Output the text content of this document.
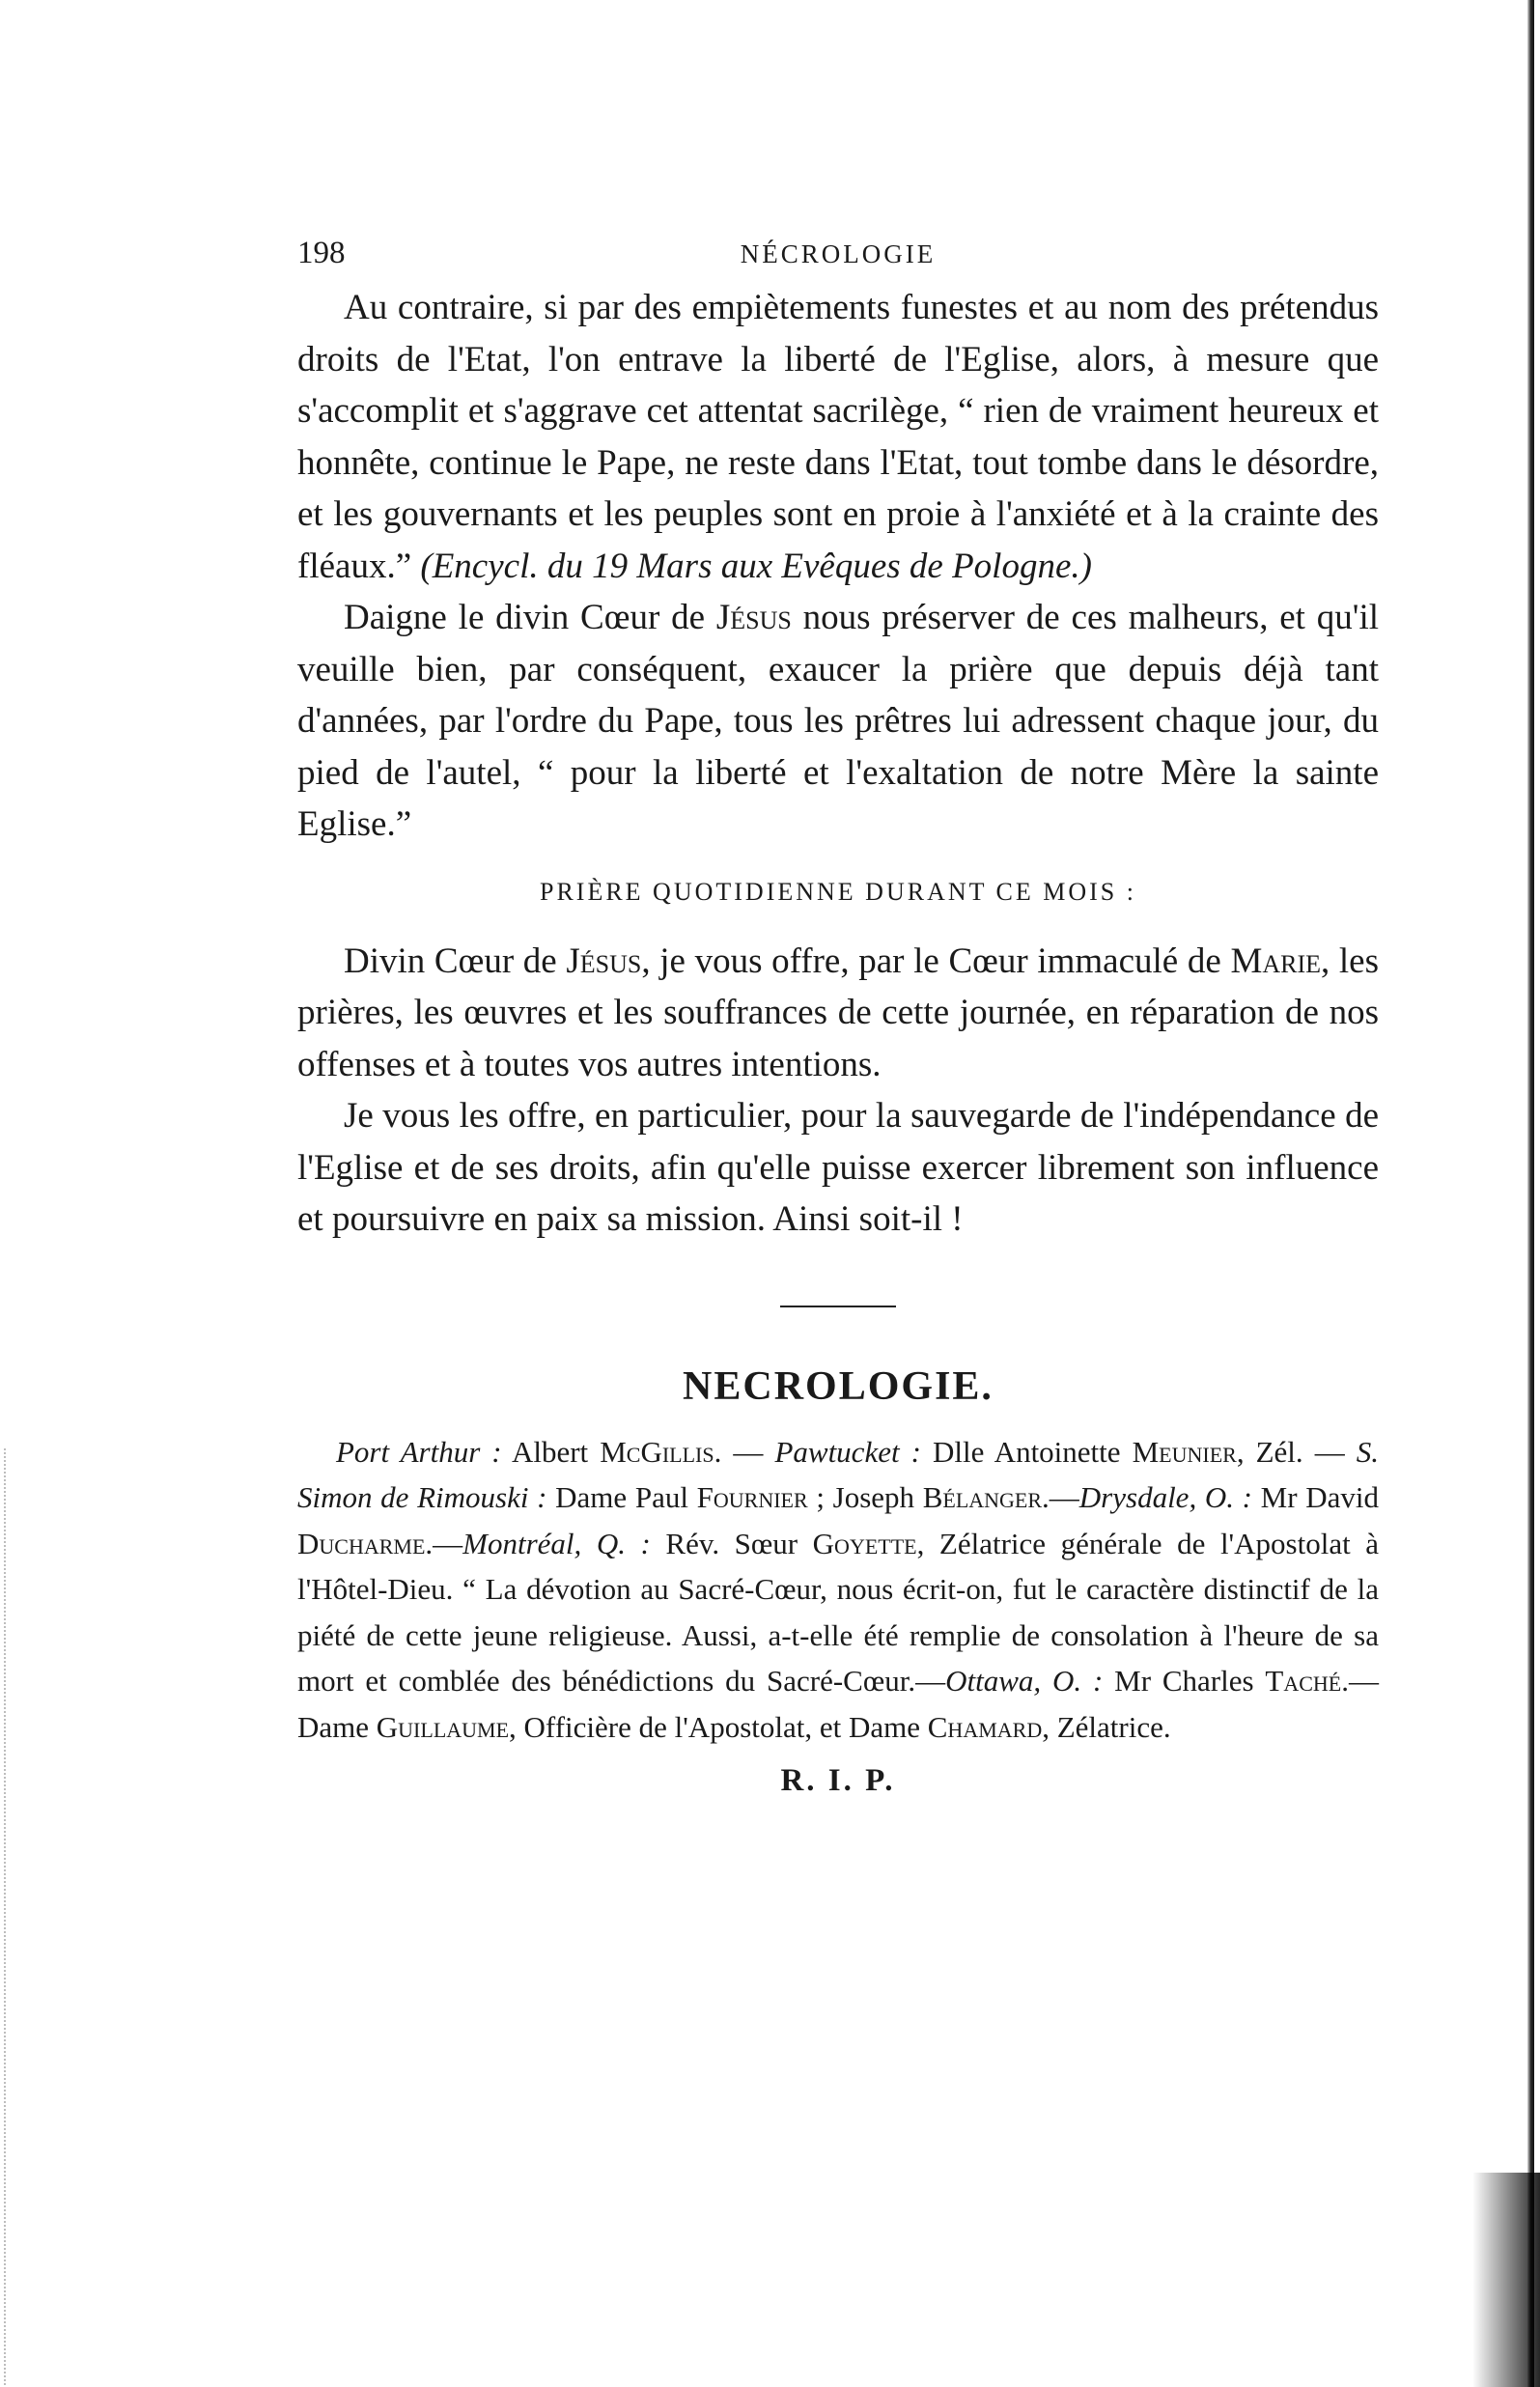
198	NÉCROLOGIE

Au contraire, si par des empiètements funestes et au nom des prétendus droits de l'Etat, l'on entrave la liberté de l'Eglise, alors, à mesure que s'accomplit et s'aggrave cet attentat sacrilège, “ rien de vraiment heureux et honnête, continue le Pape, ne reste dans l'Etat, tout tombe dans le désordre, et les gouvernants et les peuples sont en proie à l'anxiété et à la crainte des fléaux.” (Encycl. du 19 Mars aux Evêques de Pologne.)

Daigne le divin Cœur de Jésus nous préserver de ces malheurs, et qu'il veuille bien, par conséquent, exaucer la prière que depuis déjà tant d'années, par l'ordre du Pape, tous les prêtres lui adressent chaque jour, du pied de l'autel, “ pour la liberté et l'exaltation de notre Mère la sainte Eglise.”

PRIÈRE QUOTIDIENNE DURANT CE MOIS :

Divin Cœur de Jésus, je vous offre, par le Cœur immaculé de Marie, les prières, les œuvres et les souffrances de cette journée, en réparation de nos offenses et à toutes vos autres intentions.

Je vous les offre, en particulier, pour la sauvegarde de l'indépendance de l'Eglise et de ses droits, afin qu'elle puisse exercer librement son influence et poursuivre en paix sa mission. Ainsi soit-il !

NECROLOGIE.

Port Arthur : Albert McGillis. — Pawtucket : Dlle Antoinette Meunier, Zél. — S. Simon de Rimouski : Dame Paul Fournier ; Joseph Bélanger.—Drysdale, O. : Mr David Ducharme.—Montréal, Q. : Rév. Sœur Goyette, Zélatrice générale de l'Apostolat à l'Hôtel-Dieu. “ La dévotion au Sacré-Cœur, nous écrit-on, fut le caractère distinctif de la piété de cette jeune religieuse. Aussi, a-t-elle été remplie de consolation à l'heure de sa mort et comblée des bénédictions du Sacré-Cœur.—Ottawa, O. : Mr Charles Taché.—Dame Guillaume, Officière de l'Apostolat, et Dame Chamard, Zélatrice.

R. I. P.
